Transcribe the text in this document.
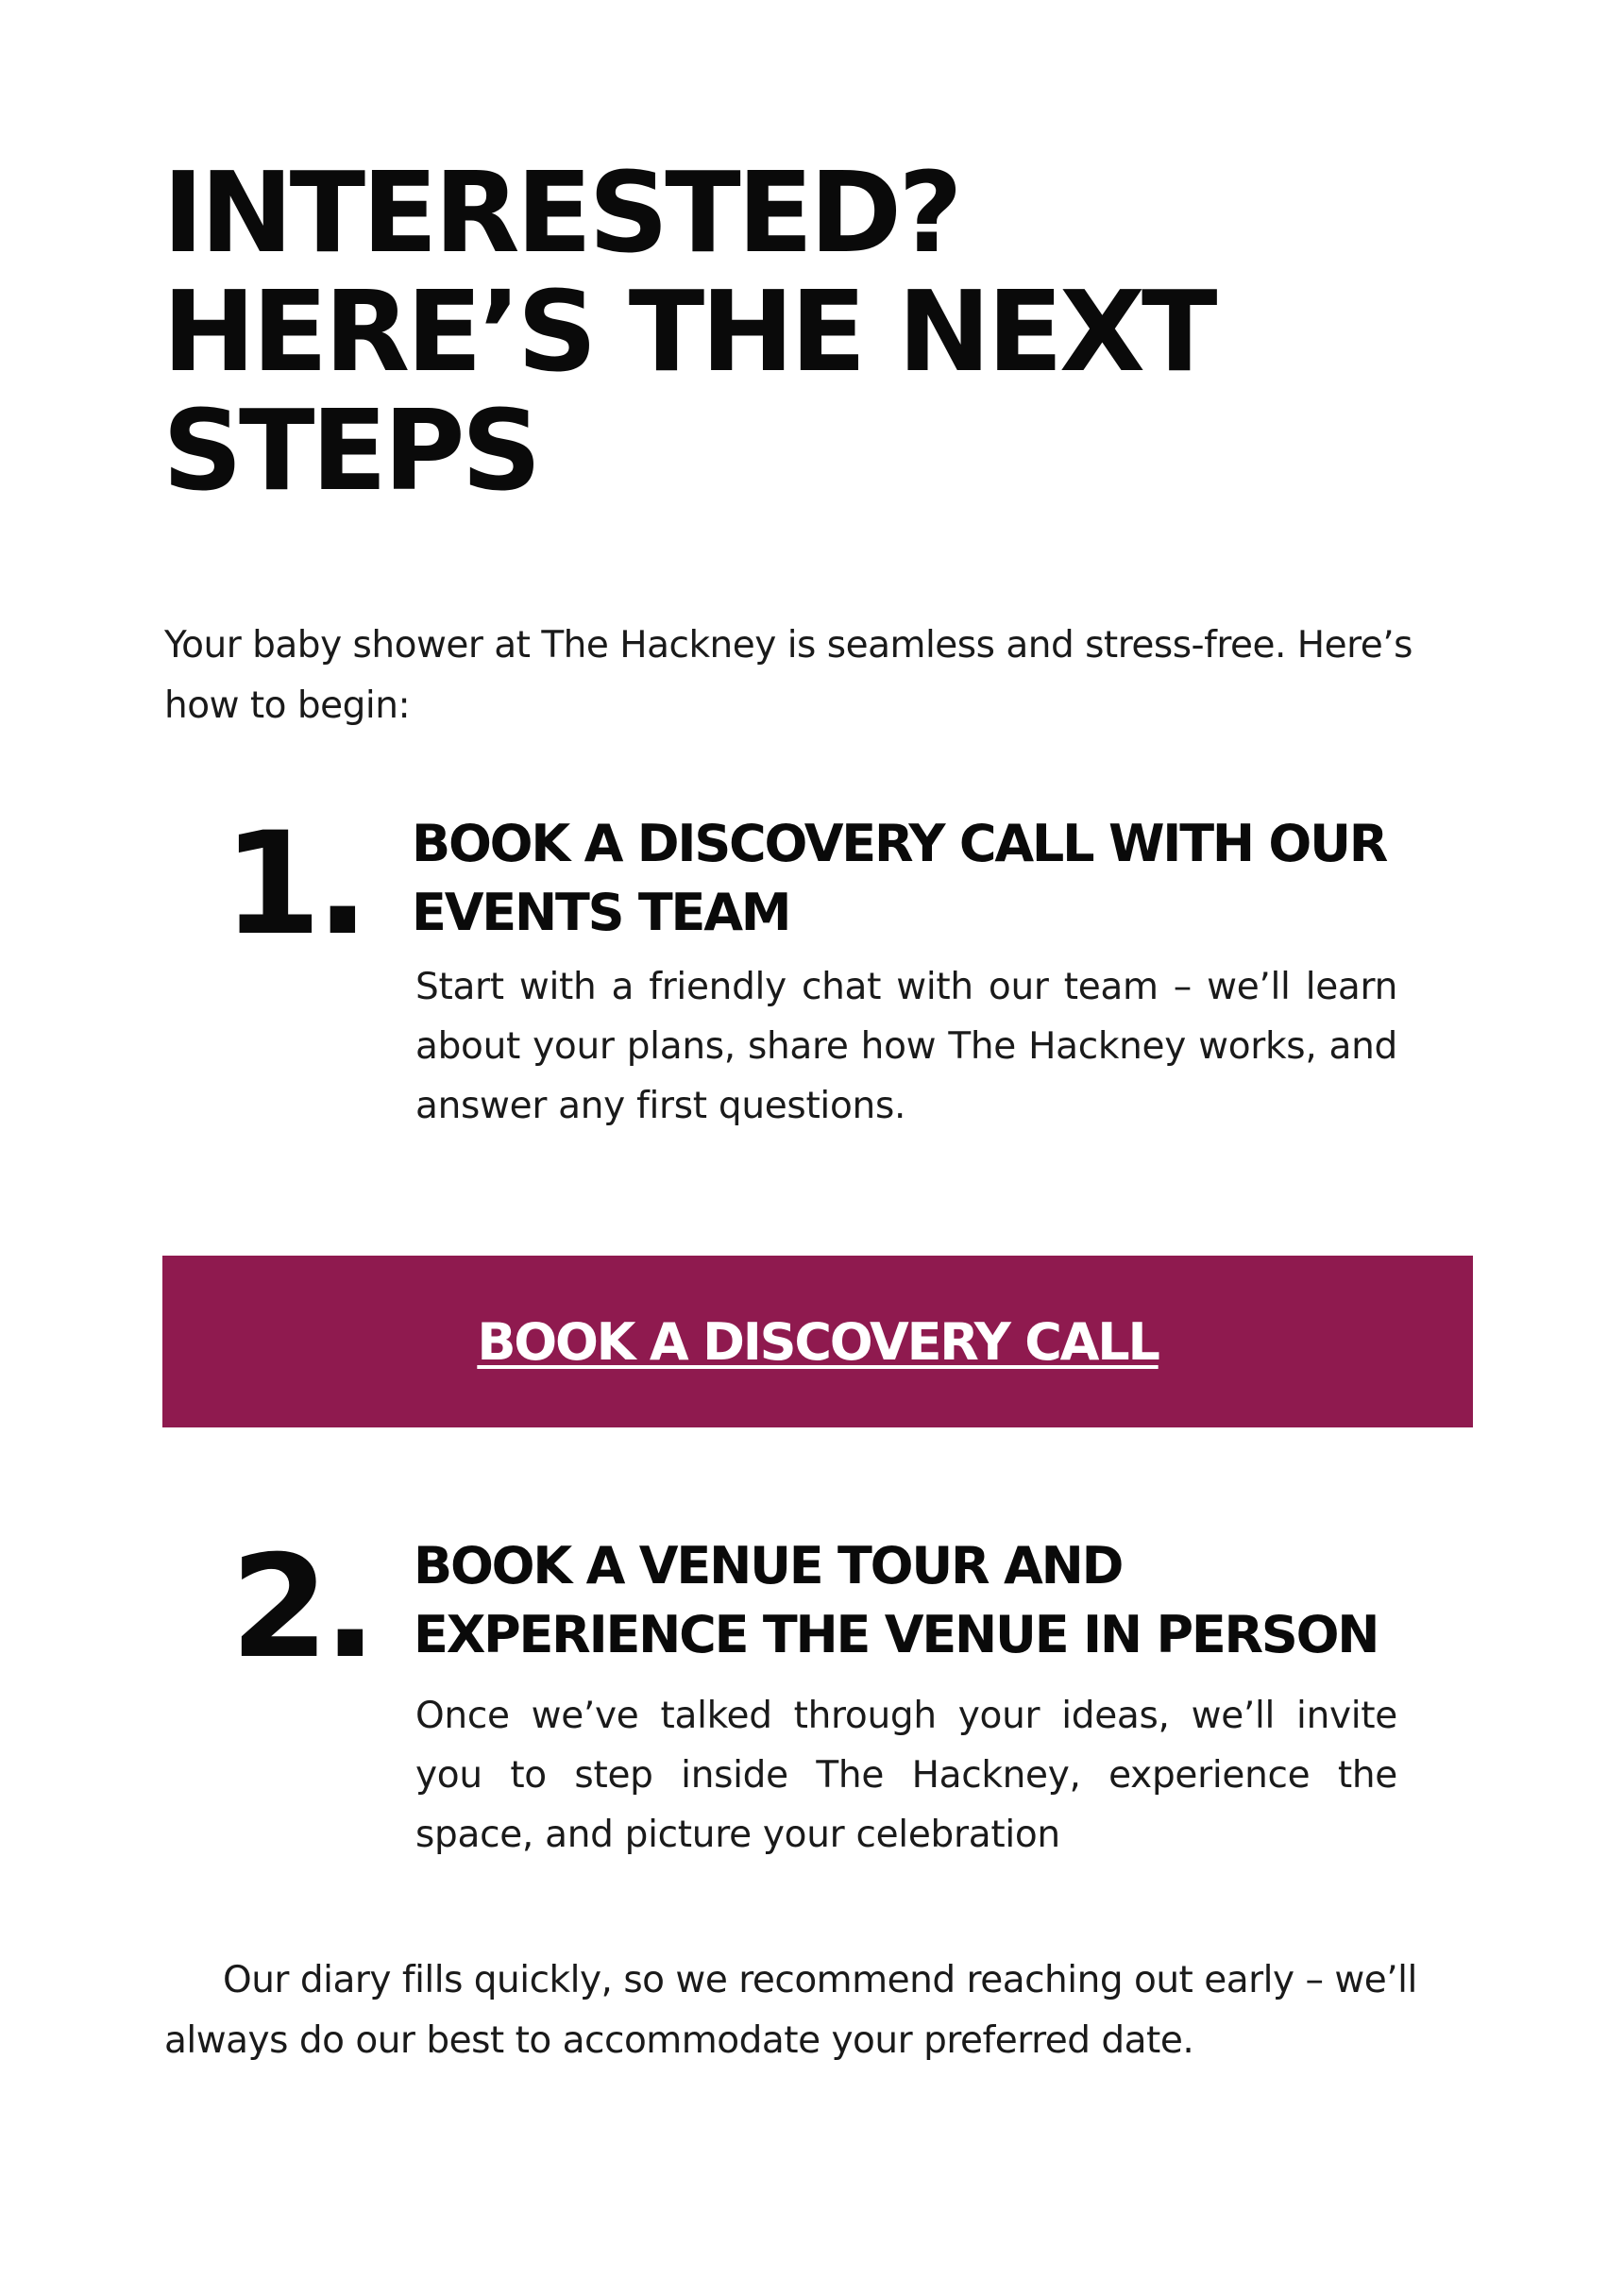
INTERESTED?
HERE’S THE NEXT
STEPS

Your baby shower at The Hackney is seamless and stress-free. Here’s how to begin:

1. BOOK A DISCOVERY CALL WITH OUR
EVENTS TEAM

Start with a friendly chat with our team – we’ll learn about your plans, share how The Hackney works, and answer any first questions.

BOOK A DISCOVERY CALL
2. BOOK A VENUE TOUR AND
EXPERIENCE THE VENUE IN PERSON

Once we’ve talked through your ideas, we’ll invite you to step inside The Hackney, experience the space, and picture your celebration

Our diary fills quickly, so we recommend reaching out early – we’ll always do our best to accommodate your preferred date.
